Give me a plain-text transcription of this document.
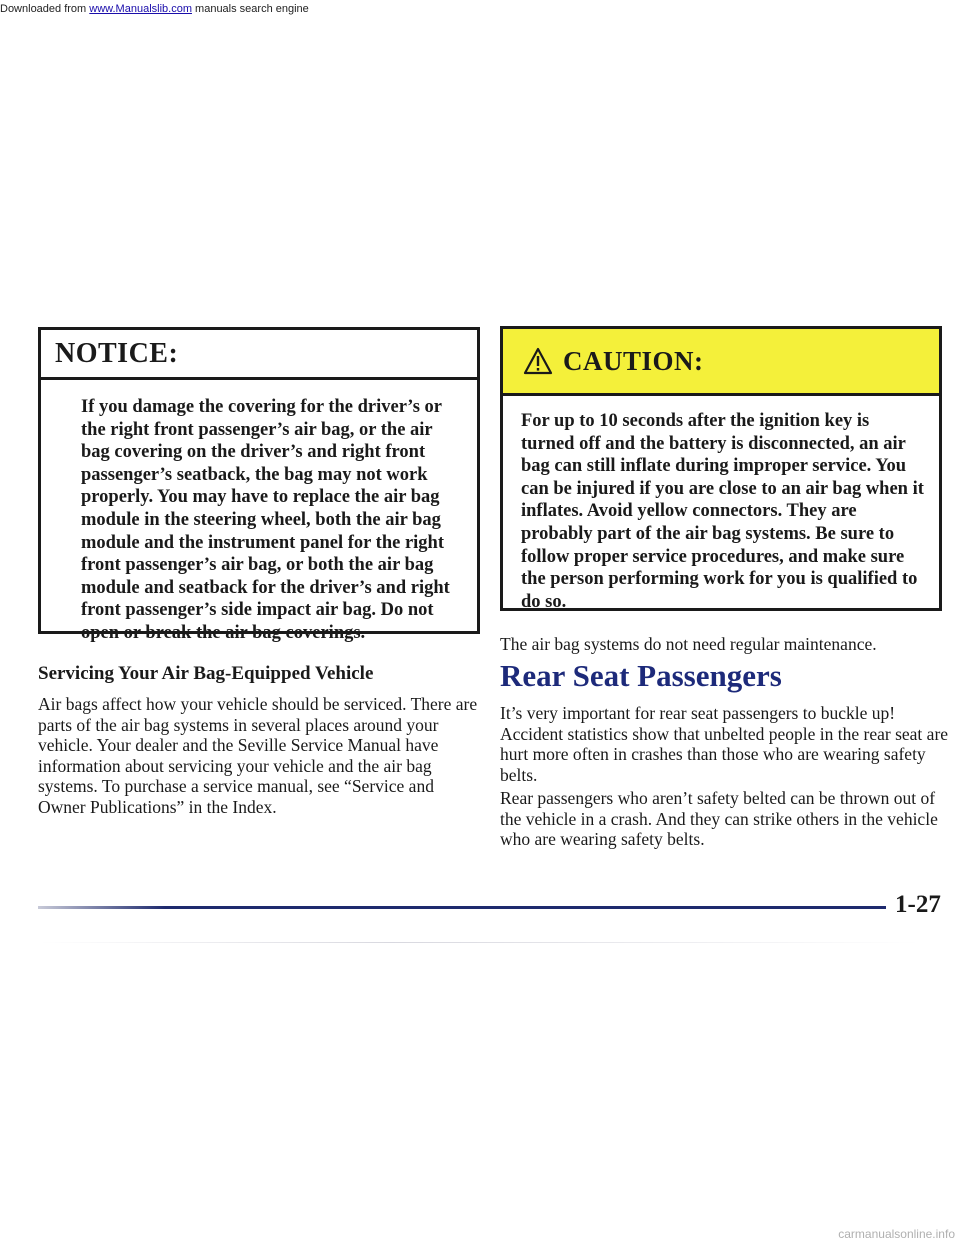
Downloaded from www.Manualslib.com manuals search engine
NOTICE:
If you damage the covering for the driver’s or the right front passenger’s air bag, or the air bag covering on the driver’s and right front passenger’s seatback, the bag may not work properly. You may have to replace the air bag module in the steering wheel, both the air bag module and the instrument panel for the right front passenger’s air bag, or both the air bag module and seatback for the driver’s and right front passenger’s side impact air bag. Do not open or break the air bag coverings.
Servicing Your Air Bag-Equipped Vehicle
Air bags affect how your vehicle should be serviced. There are parts of the air bag systems in several places around your vehicle. Your dealer and the Seville Service Manual have information about servicing your vehicle and the air bag systems. To purchase a service manual, see “Service and Owner Publications” in the Index.
CAUTION:
For up to 10 seconds after the ignition key is turned off and the battery is disconnected, an air bag can still inflate during improper service. You can be injured if you are close to an air bag when it inflates. Avoid yellow connectors. They are probably part of the air bag systems. Be sure to follow proper service procedures, and make sure the person performing work for you is qualified to do so.
The air bag systems do not need regular maintenance.
Rear Seat Passengers
It’s very important for rear seat passengers to buckle up! Accident statistics show that unbelted people in the rear seat are hurt more often in crashes than those who are wearing safety belts.
Rear passengers who aren’t safety belted can be thrown out of the vehicle in a crash. And they can strike others in the vehicle who are wearing safety belts.
1-27
carmanualsonline.info
